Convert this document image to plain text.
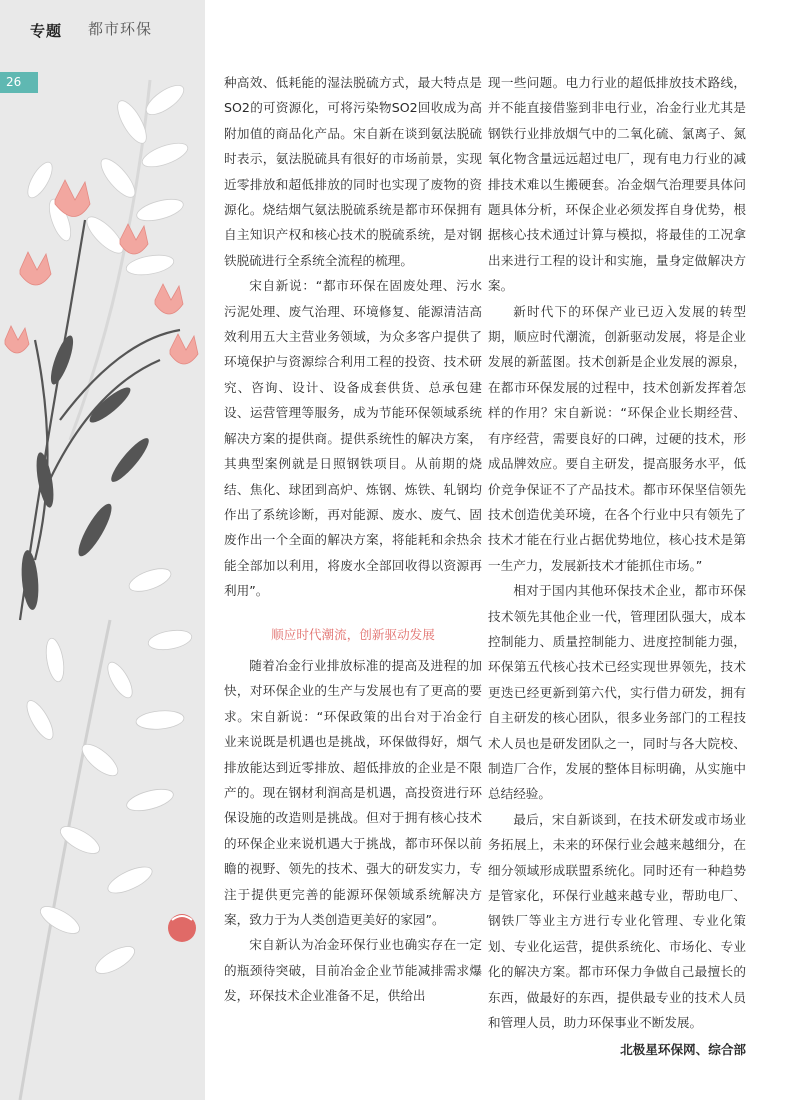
专题 都市环保
26	种高效、低耗能的湿法脱硫方式，最大特点是SO2的可资源化，可将污染物SO2回收成为高附加值的商品化产品。宋自新在谈到氨法脱硫时表示，氨法脱硫具有很好的市场前景，实现近零排放和超低排放的同时也实现了废物的资源化。烧结烟气氨法脱硫系统是都市环保拥有自主知识产权和核心技术的脱硫系统，是对钢铁脱硫进行全系统全流程的梳理。

宋自新说：“都市环保在固废处理、污水污泥处理、废气治理、环境修复、能源清洁高效利用五大主营业务领域，为众多客户提供了环境保护与资源综合利用工程的投资、技术研究、咨询、设计、设备成套供货、总承包建设、运营管理等服务，成为节能环保领域系统解决方案的提供商。提供系统性的解决方案，其典型案例就是日照钢铁项目。从前期的烧结、焦化、球团到高炉、炼钢、炼铁、轧钢均作出了系统诊断，再对能源、废水、废气、固废作出一个全面的解决方案，将能耗和余热余能全部加以利用，将废水全部回收得以资源再利用”。

顺应时代潮流，创新驱动发展

随着冶金行业排放标准的提高及进程的加快，对环保企业的生产与发展也有了更高的要求。宋自新说：“环保政策的出台对于冶金行业来说既是机遇也是挑战，环保做得好，烟气排放能达到近零排放、超低排放的企业是不限产的。现在钢材利润高是机遇，高投资进行环保设施的改造则是挑战。但对于拥有核心技术的环保企业来说机遇大于挑战，都市环保以前瞻的视野、领先的技术、强大的研发实力，专注于提供更完善的能源环保领域系统解决方案，致力于为人类创造更美好的家园”。

宋自新认为冶金环保行业也确实存在一定的瓶颈待突破，目前冶金企业节能减排需求爆发，环保技术企业准备不足，供给出

现一些问题。电力行业的超低排放技术路线，并不能直接借鉴到非电行业，冶金行业尤其是钢铁行业排放烟气中的二氧化硫、氯离子、氮氧化物含量远远超过电厂，现有电力行业的减排技术难以生搬硬套。冶金烟气治理要具体问题具体分析，环保企业必须发挥自身优势，根据核心技术通过计算与模拟，将最佳的工况拿出来进行工程的设计和实施，量身定做解决方案。

新时代下的环保产业已迈入发展的转型期，顺应时代潮流，创新驱动发展，将是企业发展的新蓝图。技术创新是企业发展的源泉，在都市环保发展的过程中，技术创新发挥着怎样的作用？宋自新说：“环保企业长期经营、有序经营，需要良好的口碑，过硬的技术，形成品牌效应。要自主研发，提高服务水平，低价竞争保证不了产品技术。都市环保坚信领先技术创造优美环境，在各个行业中只有领先了技术才能在行业占据优势地位，核心技术是第一生产力，发展新技术才能抓住市场。”

相对于国内其他环保技术企业，都市环保技术领先其他企业一代，管理团队强大，成本控制能力、质量控制能力、进度控制能力强，环保第五代核心技术已经实现世界领先，技术更迭已经更新到第六代，实行借力研发，拥有自主研发的核心团队，很多业务部门的工程技术人员也是研发团队之一，同时与各大院校、制造厂合作，发展的整体目标明确，从实施中总结经验。

最后，宋自新谈到，在技术研发或市场业务拓展上，未来的环保行业会越来越细分，在细分领域形成联盟系统化。同时还有一种趋势是管家化，环保行业越来越专业，帮助电厂、钢铁厂等业主方进行专业化管理、专业化策划、专业化运营，提供系统化、市场化、专业化的解决方案。都市环保力争做自己最擅长的东西，做最好的东西，提供最专业的技术人员和管理人员，助力环保事业不断发展。

北极星环保网、综合部
